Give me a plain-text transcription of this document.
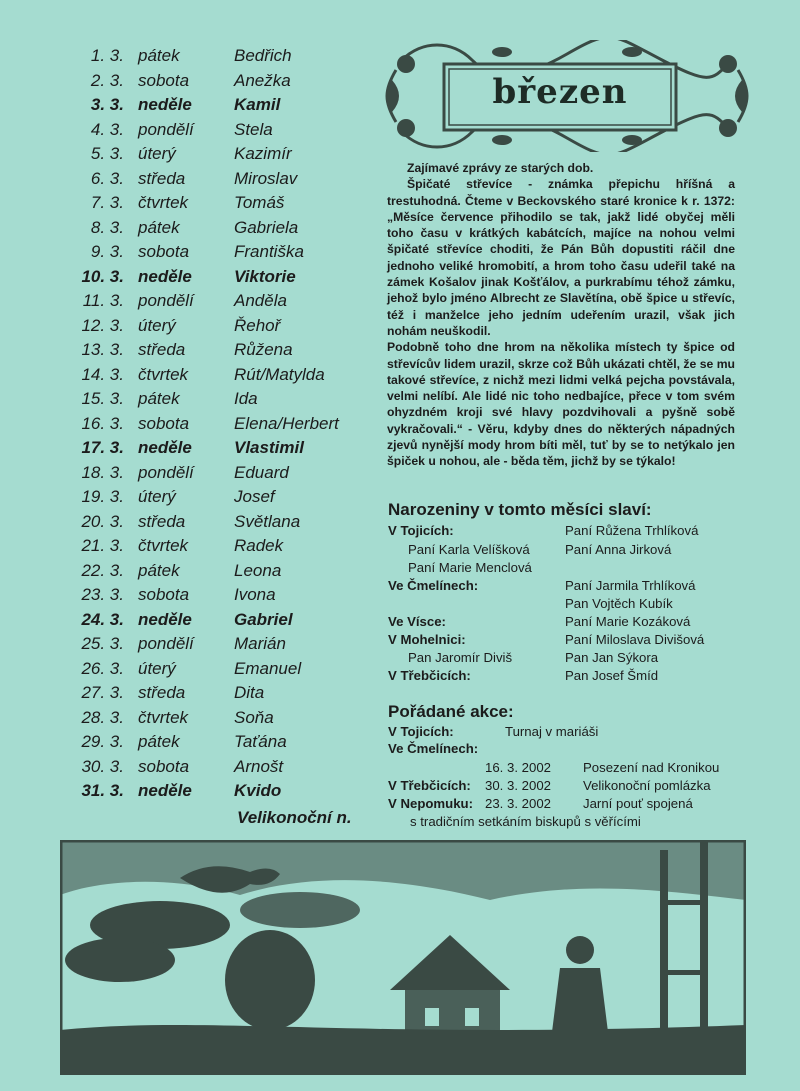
1. 3. pátek	Bedřich
2. 3. sobota	Anežka
3. 3. neděle Kamil
4. 3. pondělí Stela
5. 3. úterý	Kazimír
6. 3. středa	Miroslav
7. 3. čtvrtek	Tomáš
8. 3. pátek	Gabriela
9. 3. sobota	Františka
10. 3. neděle Viktorie
11. 3. pondělí Anděla
12. 3. úterý	Řehoř
13. 3. středa	Růžena
14. 3. čtvrtek	Rút/Matylda
15. 3. pátek	Ida
16. 3. sobota	Elena/Herbert
17. 3. neděle Vlastimil
18. 3. pondělí Eduard
19. 3. úterý	Josef
20. 3. středa	Světlana
21. 3. čtvrtek	Radek
22. 3. pátek	Leona
23. 3. sobota	Ivona
24. 3. neděle Gabriel
25. 3. pondělí Marián
26. 3. úterý	Emanuel
27. 3. středa	Dita
28. 3. čtvrtek	Soňa
29. 3. pátek	Taťána
30. 3. sobota	Arnošt
31. 3. neděle Kvido
Velikonoční n.
březen

Zajímavé zprávy ze starých dob.

Špičaté střevíce - známka přepichu hříšná a trestuhodná. Čteme v Beckovského staré kronice k r. 1372: „Měsíce července přihodilo se tak, jakž lidé obyčej měli toho času v krátkých kabátcích, majíce na nohou velmi špičaté střevíce choditi, že Pán Bůh dopustiti ráčil dne jednoho veliké hromobití, a hrom toho času udeřil také na zámek Košalov jinak Košťálov, a purkrabímu téhož zámku, jehož bylo jméno Albrecht ze Slavětína, obě špice u střevíc, též i manželce jeho jedním udeřením urazil, však jich nohám neuškodil.

Podobně toho dne hrom na několika místech ty špice od střevícův lidem urazil, skrze což Bůh ukázati chtěl, že se mu takové střevíce, z nichž mezi lidmi velká pejcha povstávala, velmi nelíbí. Ale lidé nic toho nedbajíce, přece v tom svém ohyzdném kroji své hlavy pozdvihovali a pyšně sobě vykračovali.“ - Věru, kdyby dnes do některých nápadných zjevů nynější mody hrom bíti měl, tuť by se to netýkalo jen špiček u nohou, ale - běda těm, jichž by se týkalo!

Narozeniny v tomto měsíci slaví:
V Tojicích:	Paní Růžena Trhlíková
Paní Karla Velíšková	Paní Anna Jirková
Paní Marie Menclová
Ve Čmelínech:	Paní Jarmila Trhlíková
Pan Vojtěch Kubík
Ve Vísce:	Paní Marie Kozáková
V Mohelnici:	Paní Miloslava Divišová
Pan Jaromír Diviš	Pan Jan Sýkora
V Třebčicích:	Pan Josef Šmíd
Pořádané akce:
V Tojicích:	Turnaj v mariáši
Ve Čmelínech:
16. 3. 2002 Posezení nad Kronikou
V Třebčicích: 30. 3. 2002 Velikonoční pomlázka
V Nepomuku: 23. 3. 2002 Jarní pouť spojená
s tradičním setkáním biskupů s věřícími
